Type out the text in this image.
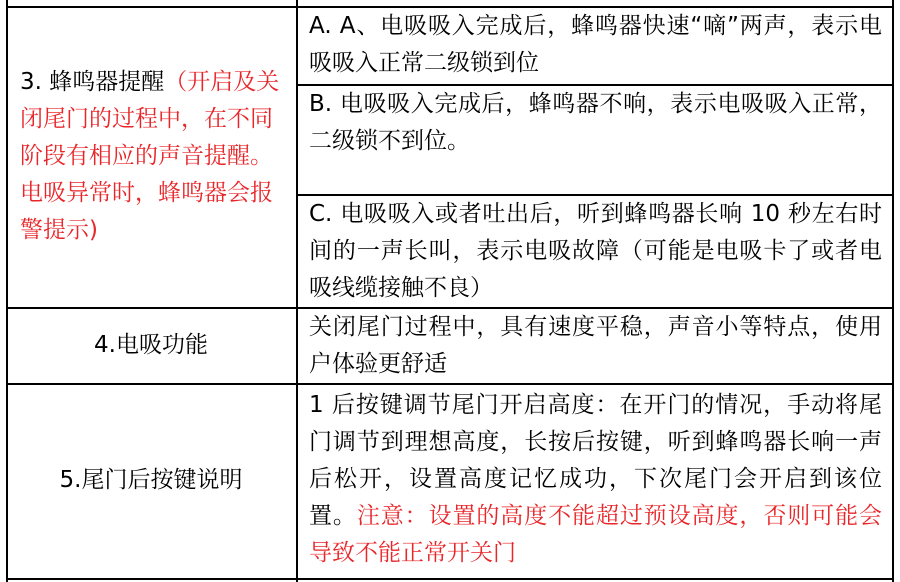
3. 蜂鸣器提醒（开启及关闭尾门的过程中，在不同阶段有相应的声音提醒。电吸异常时，蜂鸣器会报警提示)
A. A、电吸吸入完成后，蜂鸣器快速“嘀”两声，表示电吸吸入正常二级锁到位
B. 电吸吸入完成后，蜂鸣器不响，表示电吸吸入正常，二级锁不到位。
C. 电吸吸入或者吐出后，听到蜂鸣器长响 10 秒左右时间的一声长叫，表示电吸故障（可能是电吸卡了或者电吸线缆接触不良）
4.电吸功能
关闭尾门过程中，具有速度平稳，声音小等特点，使用户体验更舒适
5.尾门后按键说明
1 后按键调节尾门开启高度：在开门的情况，手动将尾门调节到理想高度，长按后按键，听到蜂鸣器长响一声后松开，设置高度记忆成功，下次尾门会开启到该位置。注意：设置的高度不能超过预设高度，否则可能会导致不能正常开关门
